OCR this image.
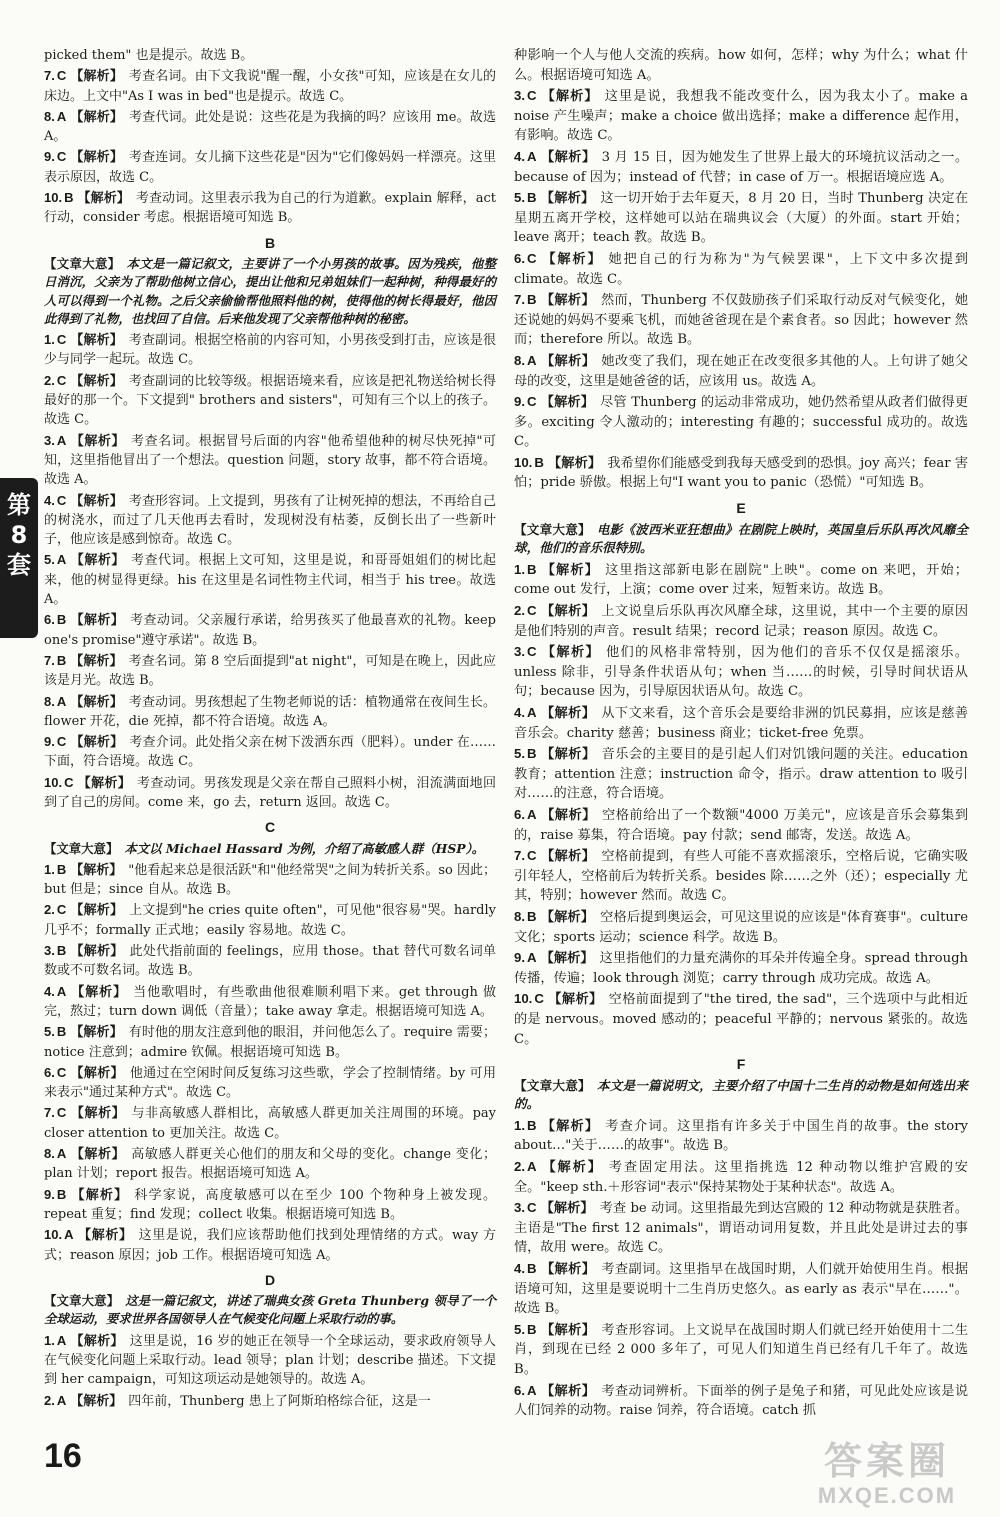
第
8
套
picked them" 也是提示。故选 B。
7. C 【解析】 考查名词。由下文我说"醒一醒，小女孩"可知，应该是在女儿的床边。上文中"As I was in bed"也是提示。故选 C。
8. A 【解析】 考查代词。此处是说：这些花是为我摘的吗？应该用 me。故选 A。
9. C 【解析】 考查连词。女儿摘下这些花是"因为"它们像妈妈一样漂亮。这里表示原因，故选 C。
10. B 【解析】 考查动词。这里表示我为自己的行为道歉。explain 解释，act 行动，consider 考虑。根据语境可知选 B。
B
【文章大意】 本文是一篇记叙文，主要讲了一个小男孩的故事。因为残疾，他整日消沉，父亲为了帮助他树立信心，提出让他和兄弟姐妹们一起种树，种得最好的人可以得到一个礼物。之后父亲偷偷帮他照料他的树，使得他的树长得最好，他因此得到了礼物，也找回了自信。后来他发现了父亲帮他种树的秘密。
1. C 【解析】 考查副词。根据空格前的内容可知，小男孩受到打击，应该是很少与同学一起玩。故选 C。
2. C 【解析】 考查副词的比较等级。根据语境来看，应该是把礼物送给树长得最好的那一个。下文提到" brothers and sisters"，可知有三个以上的孩子。故选 C。
3. A 【解析】 考查名词。根据冒号后面的内容"他希望他种的树尽快死掉"可知，这里指他冒出了一个想法。question 问题，story 故事，都不符合语境。故选 A。
4. C 【解析】 考查形容词。上文提到，男孩有了让树死掉的想法，不再给自己的树浇水，而过了几天他再去看时，发现树没有枯萎，反倒长出了一些新叶子，他应该是感到惊奇。故选 C。
5. A 【解析】 考查代词。根据上文可知，这里是说，和哥哥姐姐们的树比起来，他的树显得更绿。his 在这里是名词性物主代词，相当于 his tree。故选 A。
6. B 【解析】 考查动词。父亲履行承诺，给男孩买了他最喜欢的礼物。keep one's promise"遵守承诺"。故选 B。
7. B 【解析】 考查名词。第 8 空后面提到"at night"，可知是在晚上，因此应该是月光。故选 B。
8. A 【解析】 考查动词。男孩想起了生物老师说的话：植物通常在夜间生长。flower 开花，die 死掉，都不符合语境。故选 A。
9. C 【解析】 考查介词。此处指父亲在树下泼洒东西（肥料）。under 在……下面，符合语境。故选 C。
10. C 【解析】 考查动词。男孩发现是父亲在帮自己照料小树，泪流满面地回到了自己的房间。come 来，go 去，return 返回。故选 C。
C
【文章大意】 本文以 Michael Hassard 为例，介绍了高敏感人群（HSP）。
1. B 【解析】 "他看起来总是很活跃"和"他经常哭"之间为转折关系。so 因此；but 但是；since 自从。故选 B。
2. C 【解析】 上文提到"he cries quite often"，可见他"很容易"哭。hardly 几乎不；formally 正式地；easily 容易地。故选 C。
3. B 【解析】 此处代指前面的 feelings，应用 those。that 替代可数名词单数或不可数名词。故选 B。
4. A 【解析】 当他歌唱时，有些歌曲他很难顺利唱下来。get through 做完，熬过；turn down 调低（音量）；take away 拿走。根据语境可知选 A。
5. B 【解析】 有时他的朋友注意到他的眼泪，并问他怎么了。require 需要；notice 注意到；admire 钦佩。根据语境可知选 B。
6. C 【解析】 他通过在空闲时间反复练习这些歌，学会了控制情绪。by 可用来表示"通过某种方式"。故选 C。
7. C 【解析】 与非高敏感人群相比，高敏感人群更加关注周围的环境。pay closer attention to 更加关注。故选 C。
8. A 【解析】 高敏感人群更关心他们的朋友和父母的变化。change 变化；plan 计划；report 报告。根据语境可知选 A。
9. B 【解析】 科学家说，高度敏感可以在至少 100 个物种身上被发现。repeat 重复；find 发现；collect 收集。根据语境可知选 B。
10. A 【解析】 这里是说，我们应该帮助他们找到处理情绪的方式。way 方式；reason 原因；job 工作。根据语境可知选 A。
D
【文章大意】 这是一篇记叙文，讲述了瑞典女孩 Greta Thunberg 领导了一个全球运动，要求世界各国领导人在气候变化问题上采取行动的事。
1. A 【解析】 这里是说，16 岁的她正在领导一个全球运动，要求政府领导人在气候变化问题上采取行动。lead 领导；plan 计划；describe 描述。下文提到 her campaign，可知这项运动是她领导的。故选 A。
2. A 【解析】 四年前，Thunberg 患上了阿斯珀格综合征，这是一
种影响一个人与他人交流的疾病。how 如何，怎样；why 为什么；what 什么。根据语境可知选 A。
3. C 【解析】 这里是说，我想我不能改变什么，因为我太小了。make a noise 产生噪声；make a choice 做出选择；make a difference 起作用，有影响。故选 C。
4. A 【解析】 3 月 15 日，因为她发生了世界上最大的环境抗议活动之一。because of 因为；instead of 代替；in case of 万一。根据语境应选 A。
5. B 【解析】 这一切开始于去年夏天，8 月 20 日，当时 Thunberg 决定在星期五离开学校，这样她可以站在瑞典议会（大厦）的外面。start 开始；leave 离开；teach 教。故选 B。
6. C 【解析】 她把自己的行为称为"为气候罢课"，上下文中多次提到 climate。故选 C。
7. B 【解析】 然而，Thunberg 不仅鼓励孩子们采取行动反对气候变化，她还说她的妈妈不要乘飞机，而她爸爸现在是个素食者。so 因此；however 然而；therefore 所以。故选 B。
8. A 【解析】 她改变了我们，现在她正在改变很多其他的人。上句讲了她父母的改变，这里是她爸爸的话，应该用 us。故选 A。
9. C 【解析】 尽管 Thunberg 的运动非常成功，她仍然希望从政者们做得更多。exciting 令人激动的；interesting 有趣的；successful 成功的。故选 C。
10. B 【解析】 我希望你们能感受到我每天感受到的恐惧。joy 高兴；fear 害怕；pride 骄傲。根据上句"I want you to panic（恐慌）"可知选 B。
E
【文章大意】 电影《波西米亚狂想曲》在剧院上映时，英国皇后乐队再次风靡全球，他们的音乐很特别。
1. B 【解析】 这里指这部新电影在剧院"上映"。come on 来吧，开始；come out 发行，上演；come over 过来，短暂来访。故选 B。
2. C 【解析】 上文说皇后乐队再次风靡全球，这里说，其中一个主要的原因是他们特别的声音。result 结果；record 记录；reason 原因。故选 C。
3. C 【解析】 他们的风格非常特别，因为他们的音乐不仅仅是摇滚乐。unless 除非，引导条件状语从句；when 当……的时候，引导时间状语从句；because 因为，引导原因状语从句。故选 C。
4. A 【解析】 从下文来看，这个音乐会是要给非洲的饥民募捐，应该是慈善音乐会。charity 慈善；business 商业；ticket-free 免票。
5. B 【解析】 音乐会的主要目的是引起人们对饥饿问题的关注。education 教育；attention 注意；instruction 命令，指示。draw attention to 吸引对……的注意，符合语境。
6. A 【解析】 空格前给出了一个数额"4000 万美元"，应该是音乐会募集到的，raise 募集，符合语境。pay 付款；send 邮寄，发送。故选 A。
7. C 【解析】 空格前提到，有些人可能不喜欢摇滚乐，空格后说，它确实吸引年轻人，空格前后为转折关系。besides 除……之外（还）；especially 尤其，特别；however 然而。故选 C。
8. B 【解析】 空格后提到奥运会，可见这里说的应该是"体育赛事"。culture 文化；sports 运动；science 科学。故选 B。
9. A 【解析】 这里指他们的力量充满你的耳朵并传遍全身。spread through 传播，传遍；look through 浏览；carry through 成功完成。故选 A。
10. C 【解析】 空格前面提到了"the tired, the sad"，三个选项中与此相近的是 nervous。moved 感动的；peaceful 平静的；nervous 紧张的。故选 C。
F
【文章大意】 本文是一篇说明文，主要介绍了中国十二生肖的动物是如何选出来的。
1. B 【解析】 考查介词。这里指有许多关于中国生肖的故事。the story about…"关于……的故事"。故选 B。
2. A 【解析】 考查固定用法。这里指挑选 12 种动物以维护宫殿的安全。"keep sth.＋形容词"表示"保持某物处于某种状态"。故选 A。
3. C 【解析】 考查 be 动词。这里指最先到达宫殿的 12 种动物就是获胜者。主语是"The first 12 animals"，谓语动词用复数，并且此处是讲过去的事情，故用 were。故选 C。
4. B 【解析】 考查副词。这里指早在战国时期，人们就开始使用生肖。根据语境可知，这里是要说明十二生肖历史悠久。as early as 表示"早在……"。故选 B。
5. B 【解析】 考查形容词。上文说早在战国时期人们就已经开始使用十二生肖，到现在已经 2 000 多年了，可见人们知道生肖已经有几千年了。故选 B。
6. A 【解析】 考查动词辨析。下面举的例子是兔子和猪，可见此处应该是说人们饲养的动物。raise 饲养，符合语境。catch 抓
16	答案圈
MXQE.COM
